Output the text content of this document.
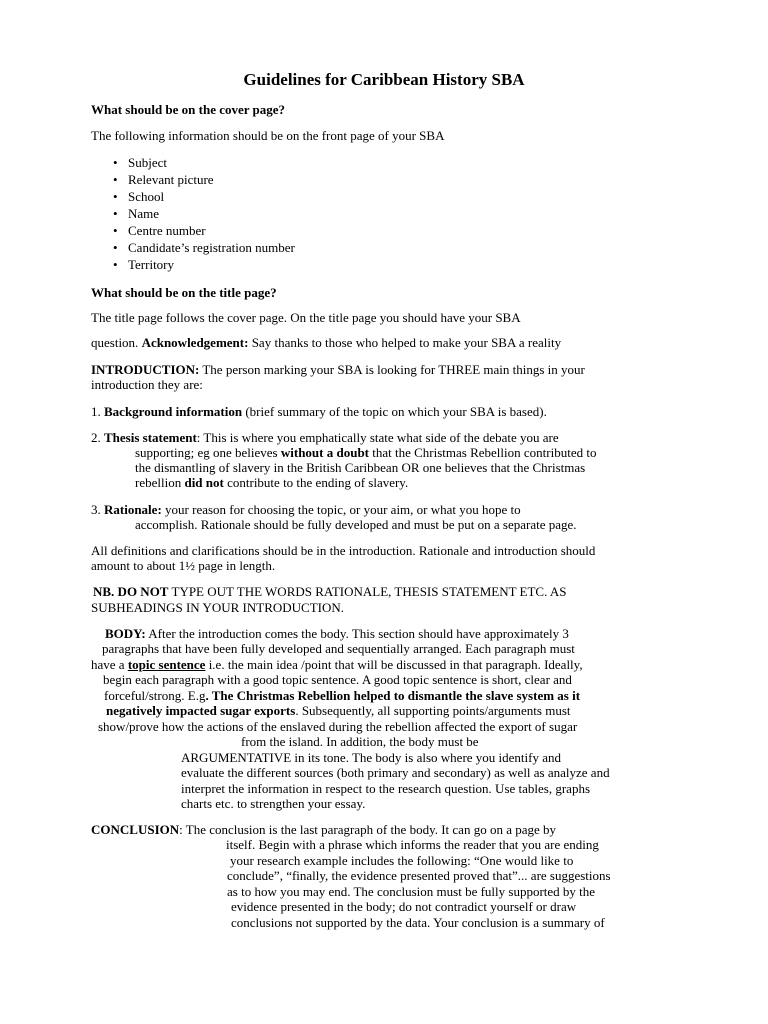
Guidelines for Caribbean History SBA
What should be on the cover page?
The following information should be on the front page of your SBA
• Subject
• Relevant picture
• School
• Name
• Centre number
• Candidate’s registration number
• Territory
What should be on the title page?
The title page follows the cover page. On the title page you should have your SBA
question. Acknowledgement: Say thanks to those who helped to make your SBA a reality
INTRODUCTION: The person marking your SBA is looking for THREE main things in your
introduction they are:
1. Background information (brief summary of the topic on which your SBA is based).
2. Thesis statement: This is where you emphatically state what side of the debate you are
supporting; eg one believes without a doubt that the Christmas Rebellion contributed to
the dismantling of slavery in the British Caribbean OR one believes that the Christmas
rebellion did not contribute to the ending of slavery.
3. Rationale: your reason for choosing the topic, or your aim, or what you hope to
accomplish. Rationale should be fully developed and must be put on a separate page.
All definitions and clarifications should be in the introduction. Rationale and introduction should
amount to about 1½ page in length.
NB. DO NOT TYPE OUT THE WORDS RATIONALE, THESIS STATEMENT ETC. AS
SUBHEADINGS IN YOUR INTRODUCTION.
BODY: After the introduction comes the body. This section should have approximately 3
paragraphs that have been fully developed and sequentially arranged. Each paragraph must
have a topic sentence i.e. the main idea /point that will be discussed in that paragraph. Ideally,
begin each paragraph with a good topic sentence. A good topic sentence is short, clear and
forceful/strong. E.g. The Christmas Rebellion helped to dismantle the slave system as it
negatively impacted sugar exports. Subsequently, all supporting points/arguments must
show/prove how the actions of the enslaved during the rebellion affected the export of sugar
from the island. In addition, the body must be
ARGUMENTATIVE in its tone. The body is also where you identify and
evaluate the different sources (both primary and secondary) as well as analyze and
interpret the information in respect to the research question. Use tables, graphs
charts etc. to strengthen your essay.
CONCLUSION: The conclusion is the last paragraph of the body. It can go on a page by
itself. Begin with a phrase which informs the reader that you are ending
your research example includes the following: “One would like to
conclude”, “finally, the evidence presented proved that”... are suggestions
as to how you may end. The conclusion must be fully supported by the
evidence presented in the body; do not contradict yourself or draw
conclusions not supported by the data. Your conclusion is a summary of
